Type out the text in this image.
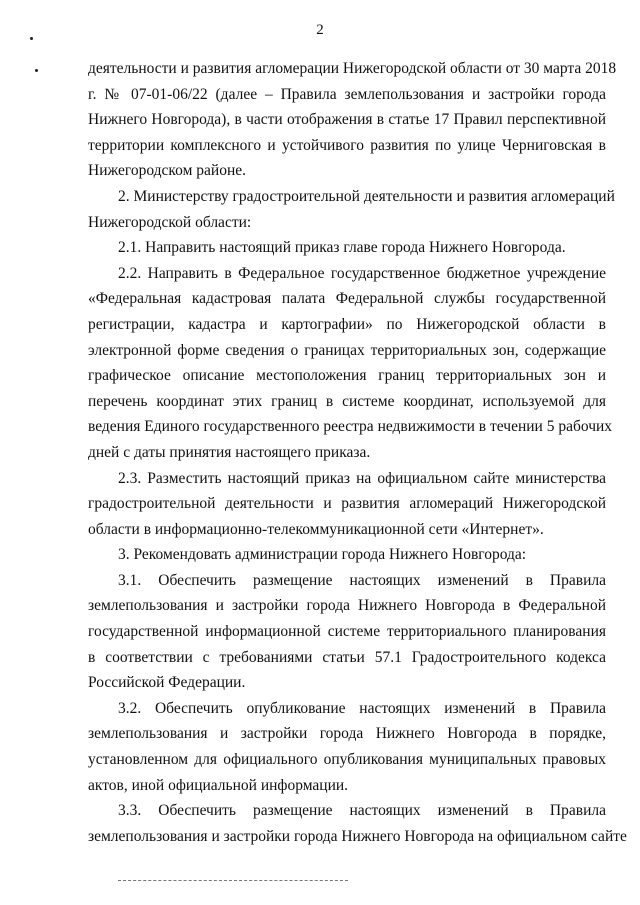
2
деятельности и развития агломерации Нижегородской области от 30 марта 2018
г. № 07-01-06/22 (далее – Правила землепользования и застройки города
Нижнего Новгорода), в части отображения в статье 17 Правил перспективной
территории комплексного и устойчивого развития по улице Черниговская в
Нижегородском районе.
2. Министерству градостроительной деятельности и развития агломераций
Нижегородской области:
2.1. Направить настоящий приказ главе города Нижнего Новгорода.
2.2. Направить в Федеральное государственное бюджетное учреждение
«Федеральная кадастровая палата Федеральной службы государственной
регистрации, кадастра и картографии» по Нижегородской области в
электронной форме сведения о границах территориальных зон, содержащие
графическое описание местоположения границ территориальных зон и
перечень координат этих границ в системе координат, используемой для
ведения Единого государственного реестра недвижимости в течении 5 рабочих
дней с даты принятия настоящего приказа.
2.3. Разместить настоящий приказ на официальном сайте министерства
градостроительной деятельности и развития агломераций Нижегородской
области в информационно-телекоммуникационной сети «Интернет».
3. Рекомендовать администрации города Нижнего Новгорода:
3.1. Обеспечить размещение настоящих изменений в Правила
землепользования и застройки города Нижнего Новгорода в Федеральной
государственной информационной системе территориального планирования
в соответствии с требованиями статьи 57.1 Градостроительного кодекса
Российской Федерации.
3.2. Обеспечить опубликование настоящих изменений в Правила
землепользования и застройки города Нижнего Новгорода в порядке,
установленном для официального опубликования муниципальных правовых
актов, иной официальной информации.
3.3. Обеспечить размещение настоящих изменений в Правила
землепользования и застройки города Нижнего Новгорода на официальном сайте
